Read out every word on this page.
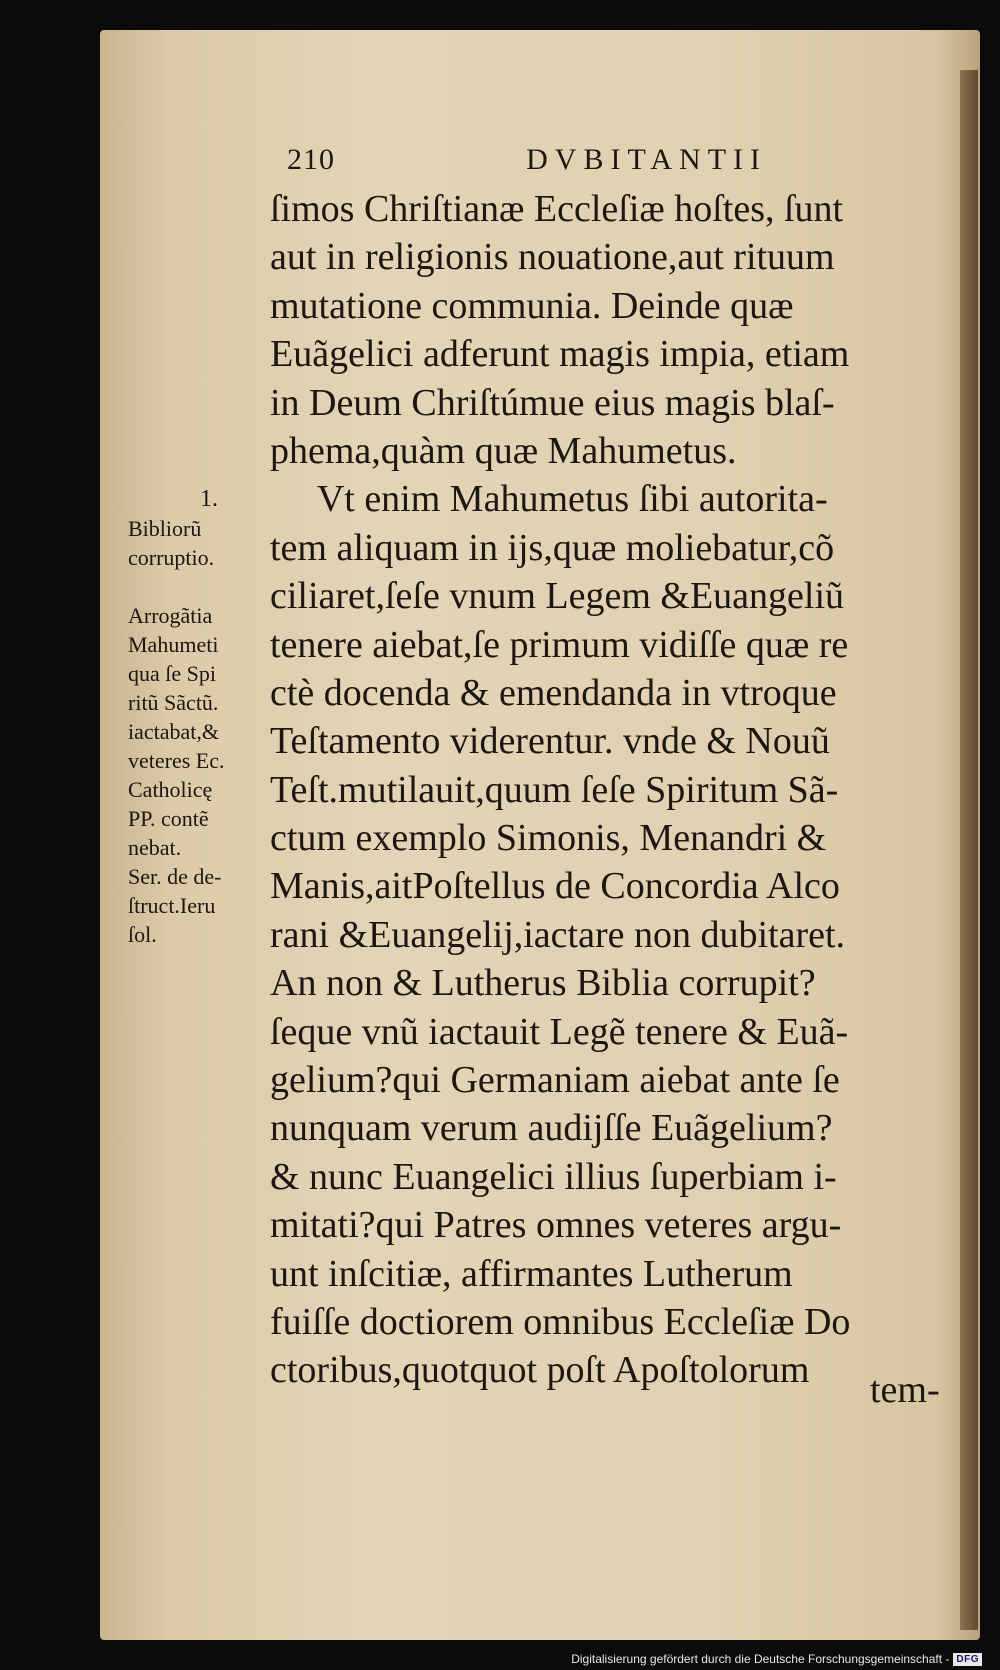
210	DVBITANTII
ſimos Chriſtianæ Eccleſiæ hoſtes, ſunt
aut in religionis nouatione,aut rituum
mutatione communia. Deinde quæ
Euãgelici adferunt magis impia, etiam
in Deum Chriſtúmue eius magis blaſ-
phema,quàm quæ Mahumetus.
Vt enim Mahumetus ſibi autorita-
tem aliquam in ijs,quæ moliebatur,cõ
ciliaret,ſeſe vnum Legem &Euangeliũ
tenere aiebat,ſe primum vidiſſe quæ re
ctè docenda & emendanda in vtroque
Teſtamento viderentur. vnde & Nouũ
Teſt.mutilauit,quum ſeſe Spiritum Sã-
ctum exemplo Simonis, Menandri &
Manis,aitPoſtellus de Concordia Alco
rani &Euangelij,iactare non dubitaret.
An non & Lutherus Biblia corrupit?
ſeque vnũ iactauit Legẽ tenere & Euã-
gelium?qui Germaniam aiebat ante ſe
nunquam verum audijſſe Euãgelium?
& nunc Euangelici illius ſuperbiam i-
mitati?qui Patres omnes veteres argu-
unt inſcitiæ, affirmantes Lutherum
fuiſſe doctiorem omnibus Eccleſiæ Do
ctoribus,quotquot poſt Apoſtolorum	tem-
1.
Bibliorũ
corruptio.
Arrogãtia
Mahumeti
qua ſe Spi
ritũ Sãctũ.
iactabat,&
veteres Ec.
Catholicę
PP. contẽ
nebat.
Ser. de de-
ſtruct.Ieru
ſol.
Digitalisierung gefördert durch die Deutsche Forschungsgemeinschaft - DFG
